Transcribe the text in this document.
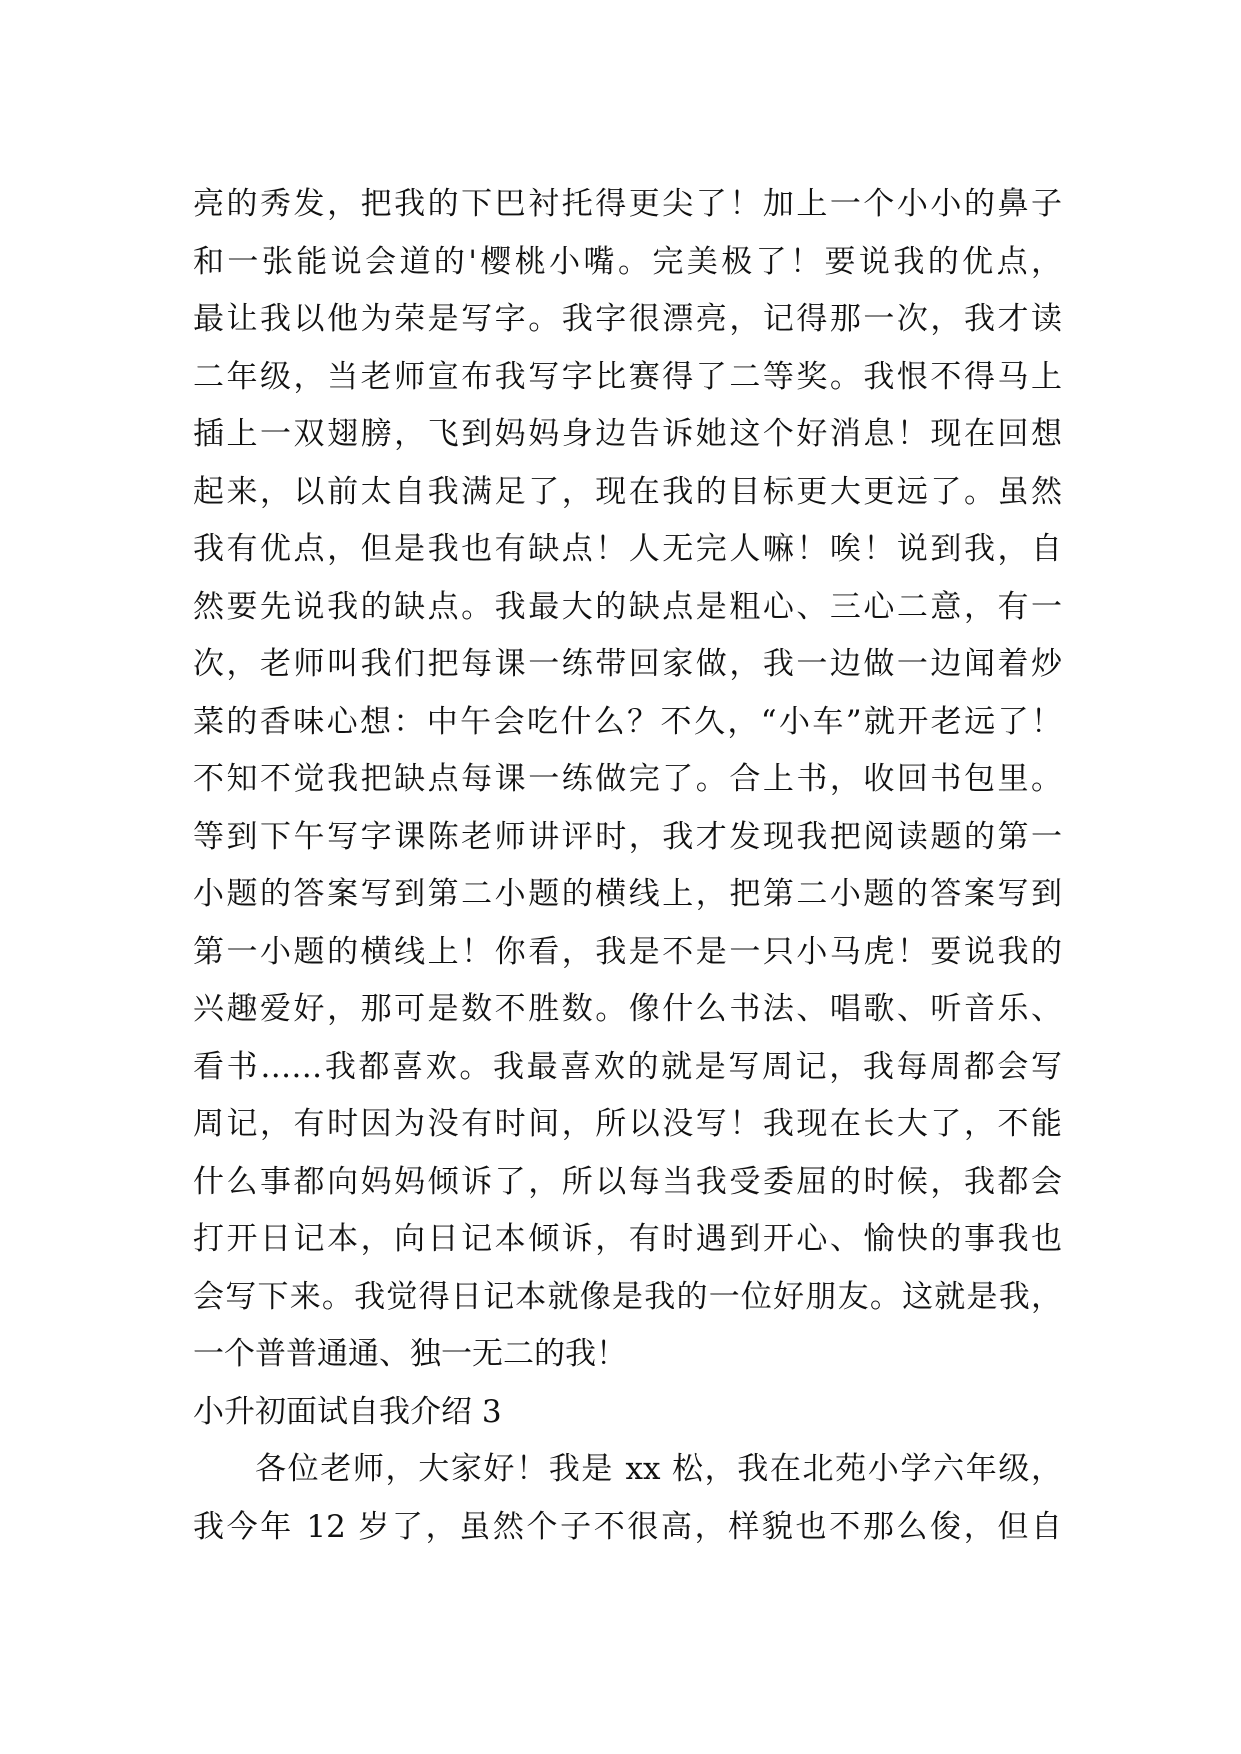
亮的秀发，把我的下巴衬托得更尖了！加上一个小小的鼻子
和一张能说会道的'樱桃小嘴。完美极了！要说我的优点，
最让我以他为荣是写字。我字很漂亮，记得那一次，我才读
二年级，当老师宣布我写字比赛得了二等奖。我恨不得马上
插上一双翅膀，飞到妈妈身边告诉她这个好消息！现在回想
起来，以前太自我满足了，现在我的目标更大更远了。虽然
我有优点，但是我也有缺点！人无完人嘛！唉！说到我，自
然要先说我的缺点。我最大的缺点是粗心、三心二意，有一
次，老师叫我们把每课一练带回家做，我一边做一边闻着炒
菜的香味心想：中午会吃什么？不久，“小车”就开老远了！
不知不觉我把缺点每课一练做完了。合上书，收回书包里。
等到下午写字课陈老师讲评时，我才发现我把阅读题的第一
小题的答案写到第二小题的横线上，把第二小题的答案写到
第一小题的横线上！你看，我是不是一只小马虎！要说我的
兴趣爱好，那可是数不胜数。像什么书法、唱歌、听音乐、
看书……我都喜欢。我最喜欢的就是写周记，我每周都会写
周记，有时因为没有时间，所以没写！我现在长大了，不能
什么事都向妈妈倾诉了，所以每当我受委屈的时候，我都会
打开日记本，向日记本倾诉，有时遇到开心、愉快的事我也
会写下来。我觉得日记本就像是我的一位好朋友。这就是我，
一个普普通通、独一无二的我！
小升初面试自我介绍 3
各位老师，大家好！我是 xx 松，我在北苑小学六年级，
我今年 12 岁了，虽然个子不很高，样貌也不那么俊，但自
